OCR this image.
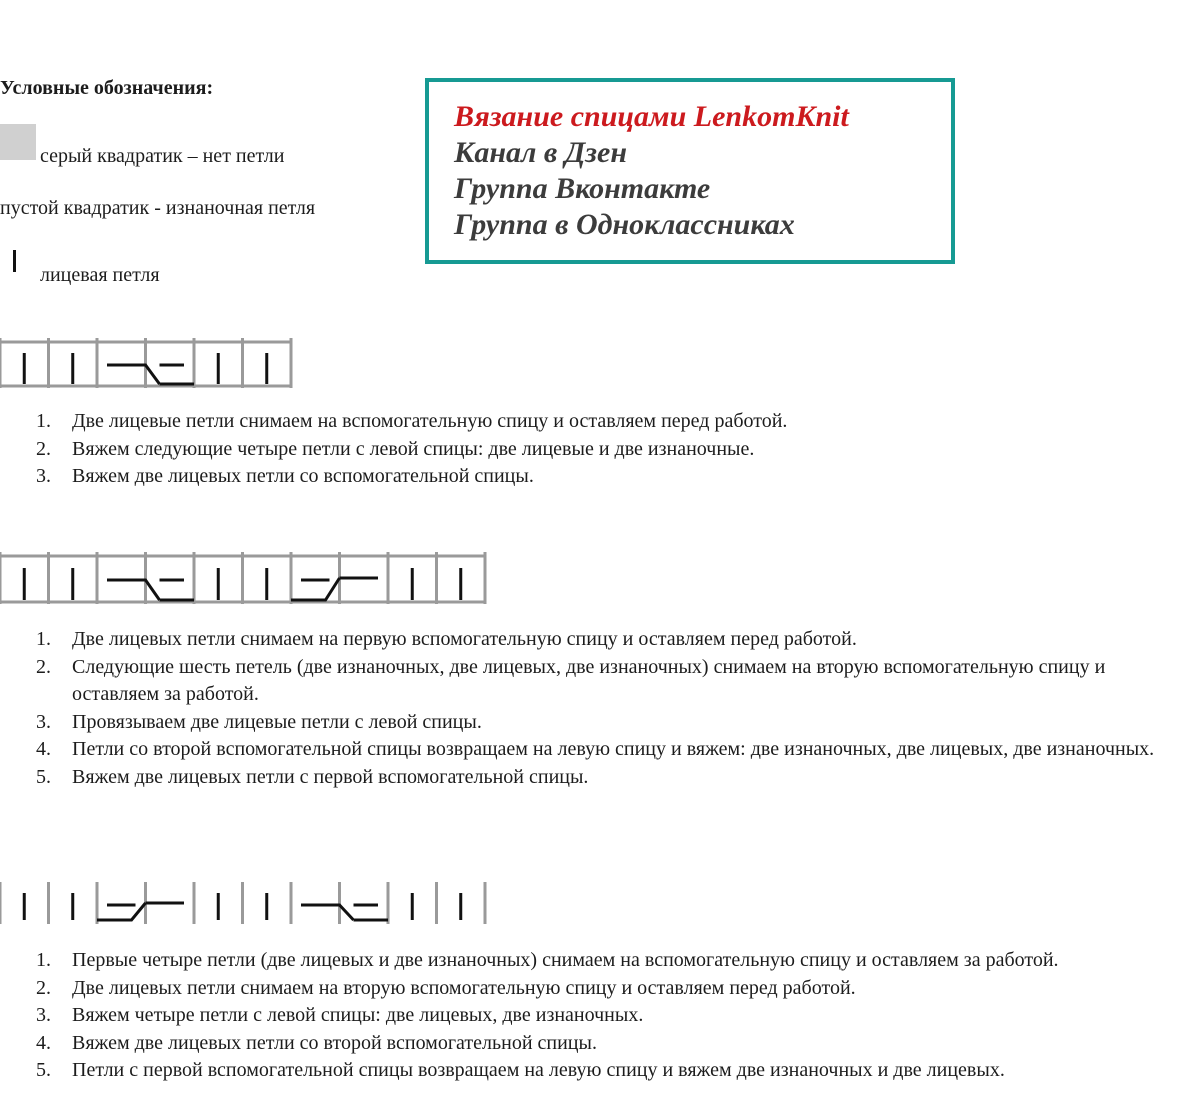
Условные обозначения:
серый квадратик – нет петли
пустой квадратик - изнаночная петля
лицевая петля
Вязание спицами LenkomKnit
Канал в Дзен
Группа Вконтакте
Группа в Одноклассниках
1. Две лицевые петли снимаем на вспомогательную спицу и оставляем перед работой.
2. Вяжем следующие четыре петли с левой спицы: две лицевые и две изнаночные.
3. Вяжем две лицевых петли со вспомогательной спицы.
1. Две лицевых петли снимаем на первую вспомогательную спицу и оставляем перед работой.
2. Следующие шесть петель (две изнаночных, две лицевых, две изнаночных) снимаем на вторую вспомогательную спицу и оставляем за работой.
3. Провязываем две лицевые петли с левой спицы.
4. Петли со второй вспомогательной спицы возвращаем на левую спицу и вяжем: две изнаночных, две лицевых, две изнаночных.
5. Вяжем две лицевых петли с первой вспомогательной спицы.
1. Первые четыре петли (две лицевых и две изнаночных) снимаем на вспомогательную спицу и оставляем за работой.
2. Две лицевых петли снимаем на вторую вспомогательную спицу и оставляем перед работой.
3. Вяжем четыре петли с левой спицы: две лицевых, две изнаночных.
4. Вяжем две лицевых петли со второй вспомогательной спицы.
5. Петли с первой вспомогательной спицы возвращаем на левую спицу и вяжем две изнаночных и две лицевых.
